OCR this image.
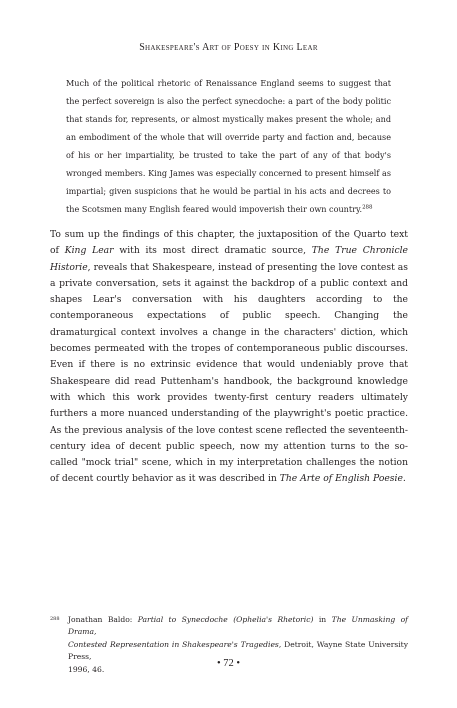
Shakespeare's Art of Poesy in King Lear

Much of the political rhetoric of Renaissance England seems to suggest that the perfect sovereign is also the perfect synecdoche: a part of the body politic that stands for, represents, or almost mystically makes present the whole; and an embodiment of the whole that will override party and faction and, because of his or her impartiality, be trusted to take the part of any of that body's wronged members. King James was especially concerned to present himself as impartial; given suspicions that he would be partial in his acts and decrees to the Scotsmen many English feared would impoverish their own country.$^{288}$

To sum up the findings of this chapter, the juxtaposition of the Quarto text of King Lear with its most direct dramatic source, The True Chronicle Historie, reveals that Shakespeare, instead of presenting the love contest as a private conversation, sets it against the backdrop of a public context and shapes Lear's conversation with his daughters according to the contemporaneous expectations of public speech. Changing the dramaturgical context involves a change in the characters' diction, which becomes permeated with the tropes of contemporaneous public discourses. Even if there is no extrinsic evidence that would undeniably prove that Shakespeare did read Puttenham's handbook, the background knowledge with which this work provides twenty-first century readers ultimately furthers a more nuanced understanding of the playwright's poetic practice. As the previous analysis of the love contest scene reflected the seventeenth-century idea of decent public speech, now my attention turns to the so-called "mock trial" scene, which in my interpretation challenges the notion of decent courtly behavior as it was described in The Arte of English Poesie.

288 Jonathan Baldo: Partial to Synecdoche (Ophelia's Rhetoric) in The Unmasking of Drama,
Contested Representation in Shakespeare's Tragedies, Detroit, Wayne State University Press,
1996, 46.
• 72 •
